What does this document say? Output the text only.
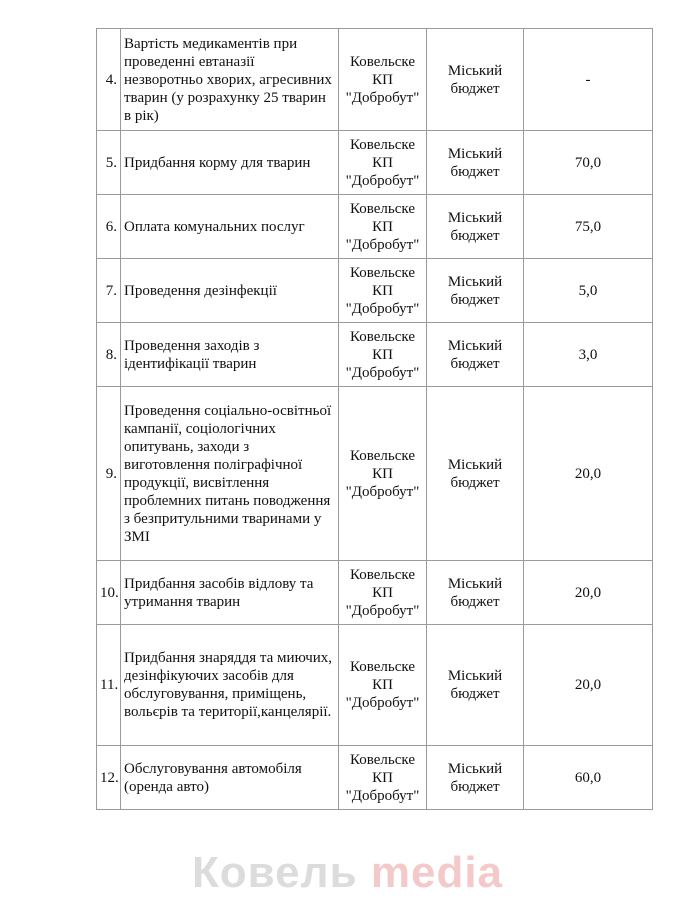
4.	Вартість медикаментів при проведенні евтаназії незворотньо хворих, агресивних тварин (у розрахунку 25 тварин в рік)	Ковельске КП "Добробут"	Міський бюджет	-
5.	Придбання корму для тварин	Ковельске КП "Добробут"	Міський бюджет	70,0
6.	Оплата комунальних послуг	Ковельске КП "Добробут"	Міський бюджет	75,0
7.	Проведення дезінфекції	Ковельске КП "Добробут"	Міський бюджет	5,0
8.	Проведення заходів з ідентифікації тварин	Ковельске КП "Добробут"	Міський бюджет	3,0
9.	Проведення соціально-освітньої кампанії, соціологічних опитувань, заходи з виготовлення поліграфічної продукції, висвітлення проблемних питань поводження з безпритульними тваринами у ЗМІ	Ковельске КП "Добробут"	Міський бюджет	20,0
10.	Придбання засобів відлову та утримання тварин	Ковельске КП "Добробут"	Міський бюджет	20,0
11.	Придбання знаряддя та миючих, дезінфікуючих засобів для обслуговування, приміщень, вольєрів та території,канцелярії.	Ковельске КП "Добробут"	Міський бюджет	20,0
12.	Обслуговування автомобіля (оренда авто)	Ковельске КП "Добробут"	Міський бюджет	60,0
Ковель media
